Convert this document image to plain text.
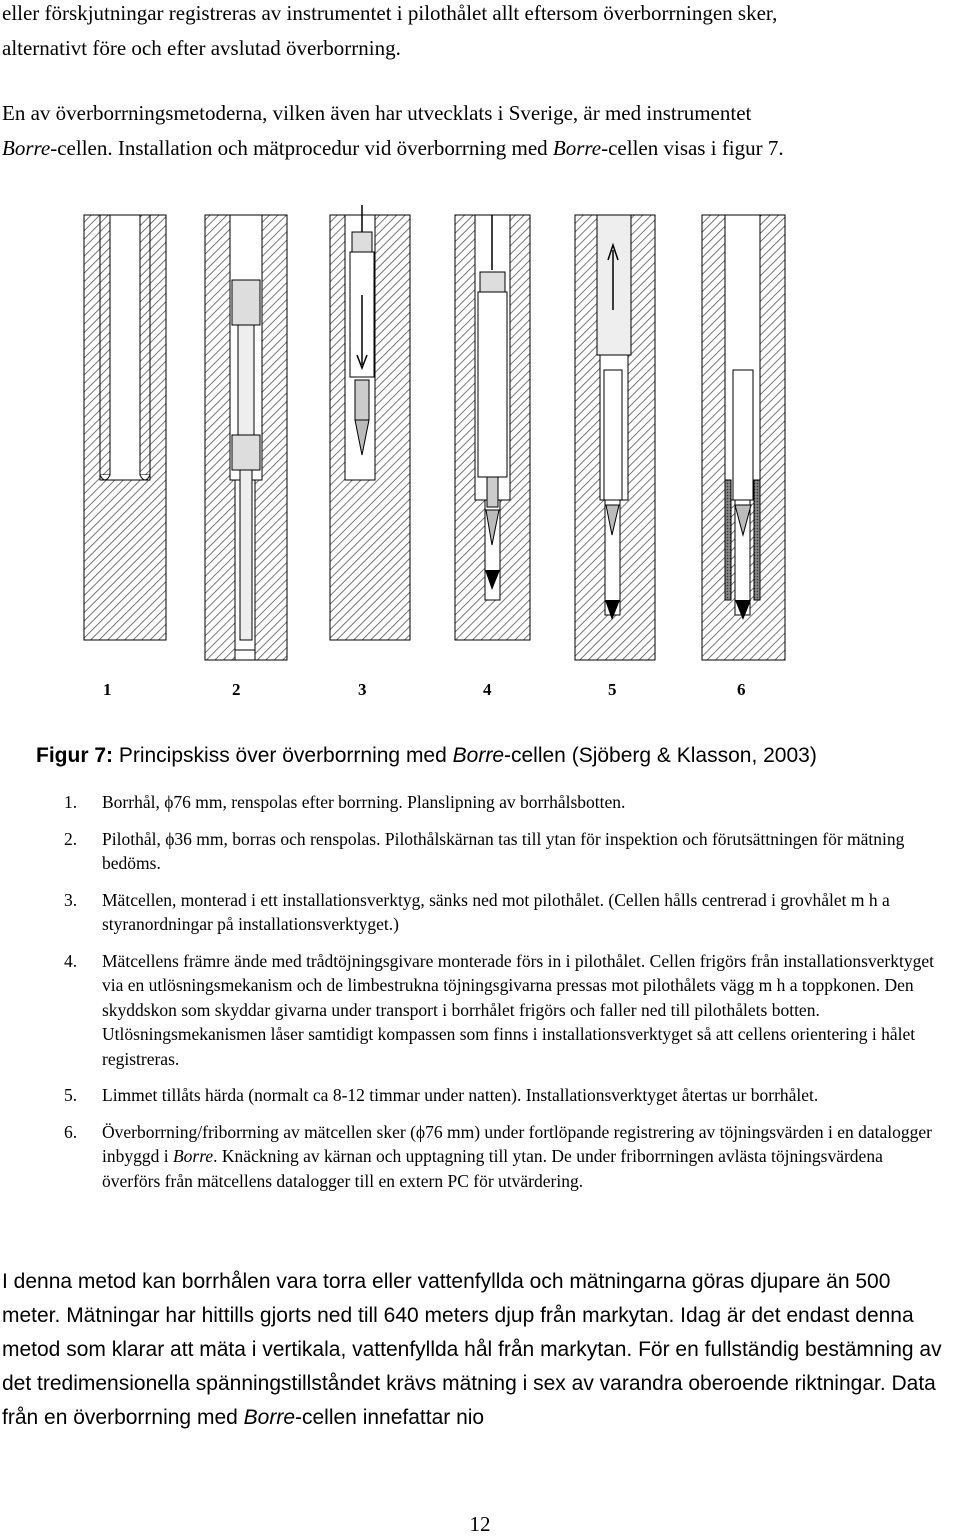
eller förskjutningar registreras av instrumentet i pilothålet allt eftersom överborrningen sker,
alternativt före och efter avslutad överborrning.

En av överborrningsmetoderna, vilken även har utvecklats i Sverige, är med instrumentet
Borre-cellen. Installation och mätprocedur vid överborrning med Borre-cellen visas i figur 7.

1	2	3	4	5	6
Figur 7: Principskiss över överborrning med Borre-cellen (Sjöberg & Klasson, 2003)
1. Borrhål, ϕ76 mm, renspolas efter borrning. Planslipning av borrhålsbotten.
2. Pilothål, ϕ36 mm, borras och renspolas. Pilothålskärnan tas till ytan för inspektion och förutsättningen för mätning bedöms.
3. Mätcellen, monterad i ett installationsverktyg, sänks ned mot pilothålet. (Cellen hålls centrerad i grovhålet m h a styranordningar på installationsverktyget.)
4. Mätcellens främre ände med trådtöjningsgivare monterade förs in i pilothålet. Cellen frigörs från installationsverktyget via en utlösningsmekanism och de limbestrukna töjningsgivarna pressas mot pilothålets vägg m h a toppkonen. Den skyddskon som skyddar givarna under transport i borrhålet frigörs och faller ned till pilothålets botten. Utlösningsmekanismen låser samtidigt kompassen som finns i installationsverktyget så att cellens orientering i hålet registreras.
5. Limmet tillåts härda (normalt ca 8-12 timmar under natten). Installationsverktyget återtas ur borrhålet.
6. Överborrning/friborrning av mätcellen sker (ϕ76 mm) under fortlöpande registrering av töjningsvärden i en datalogger inbyggd i Borre. Knäckning av kärnan och upptagning till ytan. De under friborrningen avlästa töjningsvärdena överförs från mätcellens datalogger till en extern PC för utvärdering.

I denna metod kan borrhålen vara torra eller vattenfyllda och mätningarna göras djupare än 500 meter. Mätningar har hittills gjorts ned till 640 meters djup från markytan. Idag är det endast denna metod som klarar att mäta i vertikala, vattenfyllda hål från markytan. För en fullständig bestämning av det tredimensionella spänningstillståndet krävs mätning i sex av varandra oberoende riktningar. Data från en överborrning med Borre-cellen innefattar nio

12
